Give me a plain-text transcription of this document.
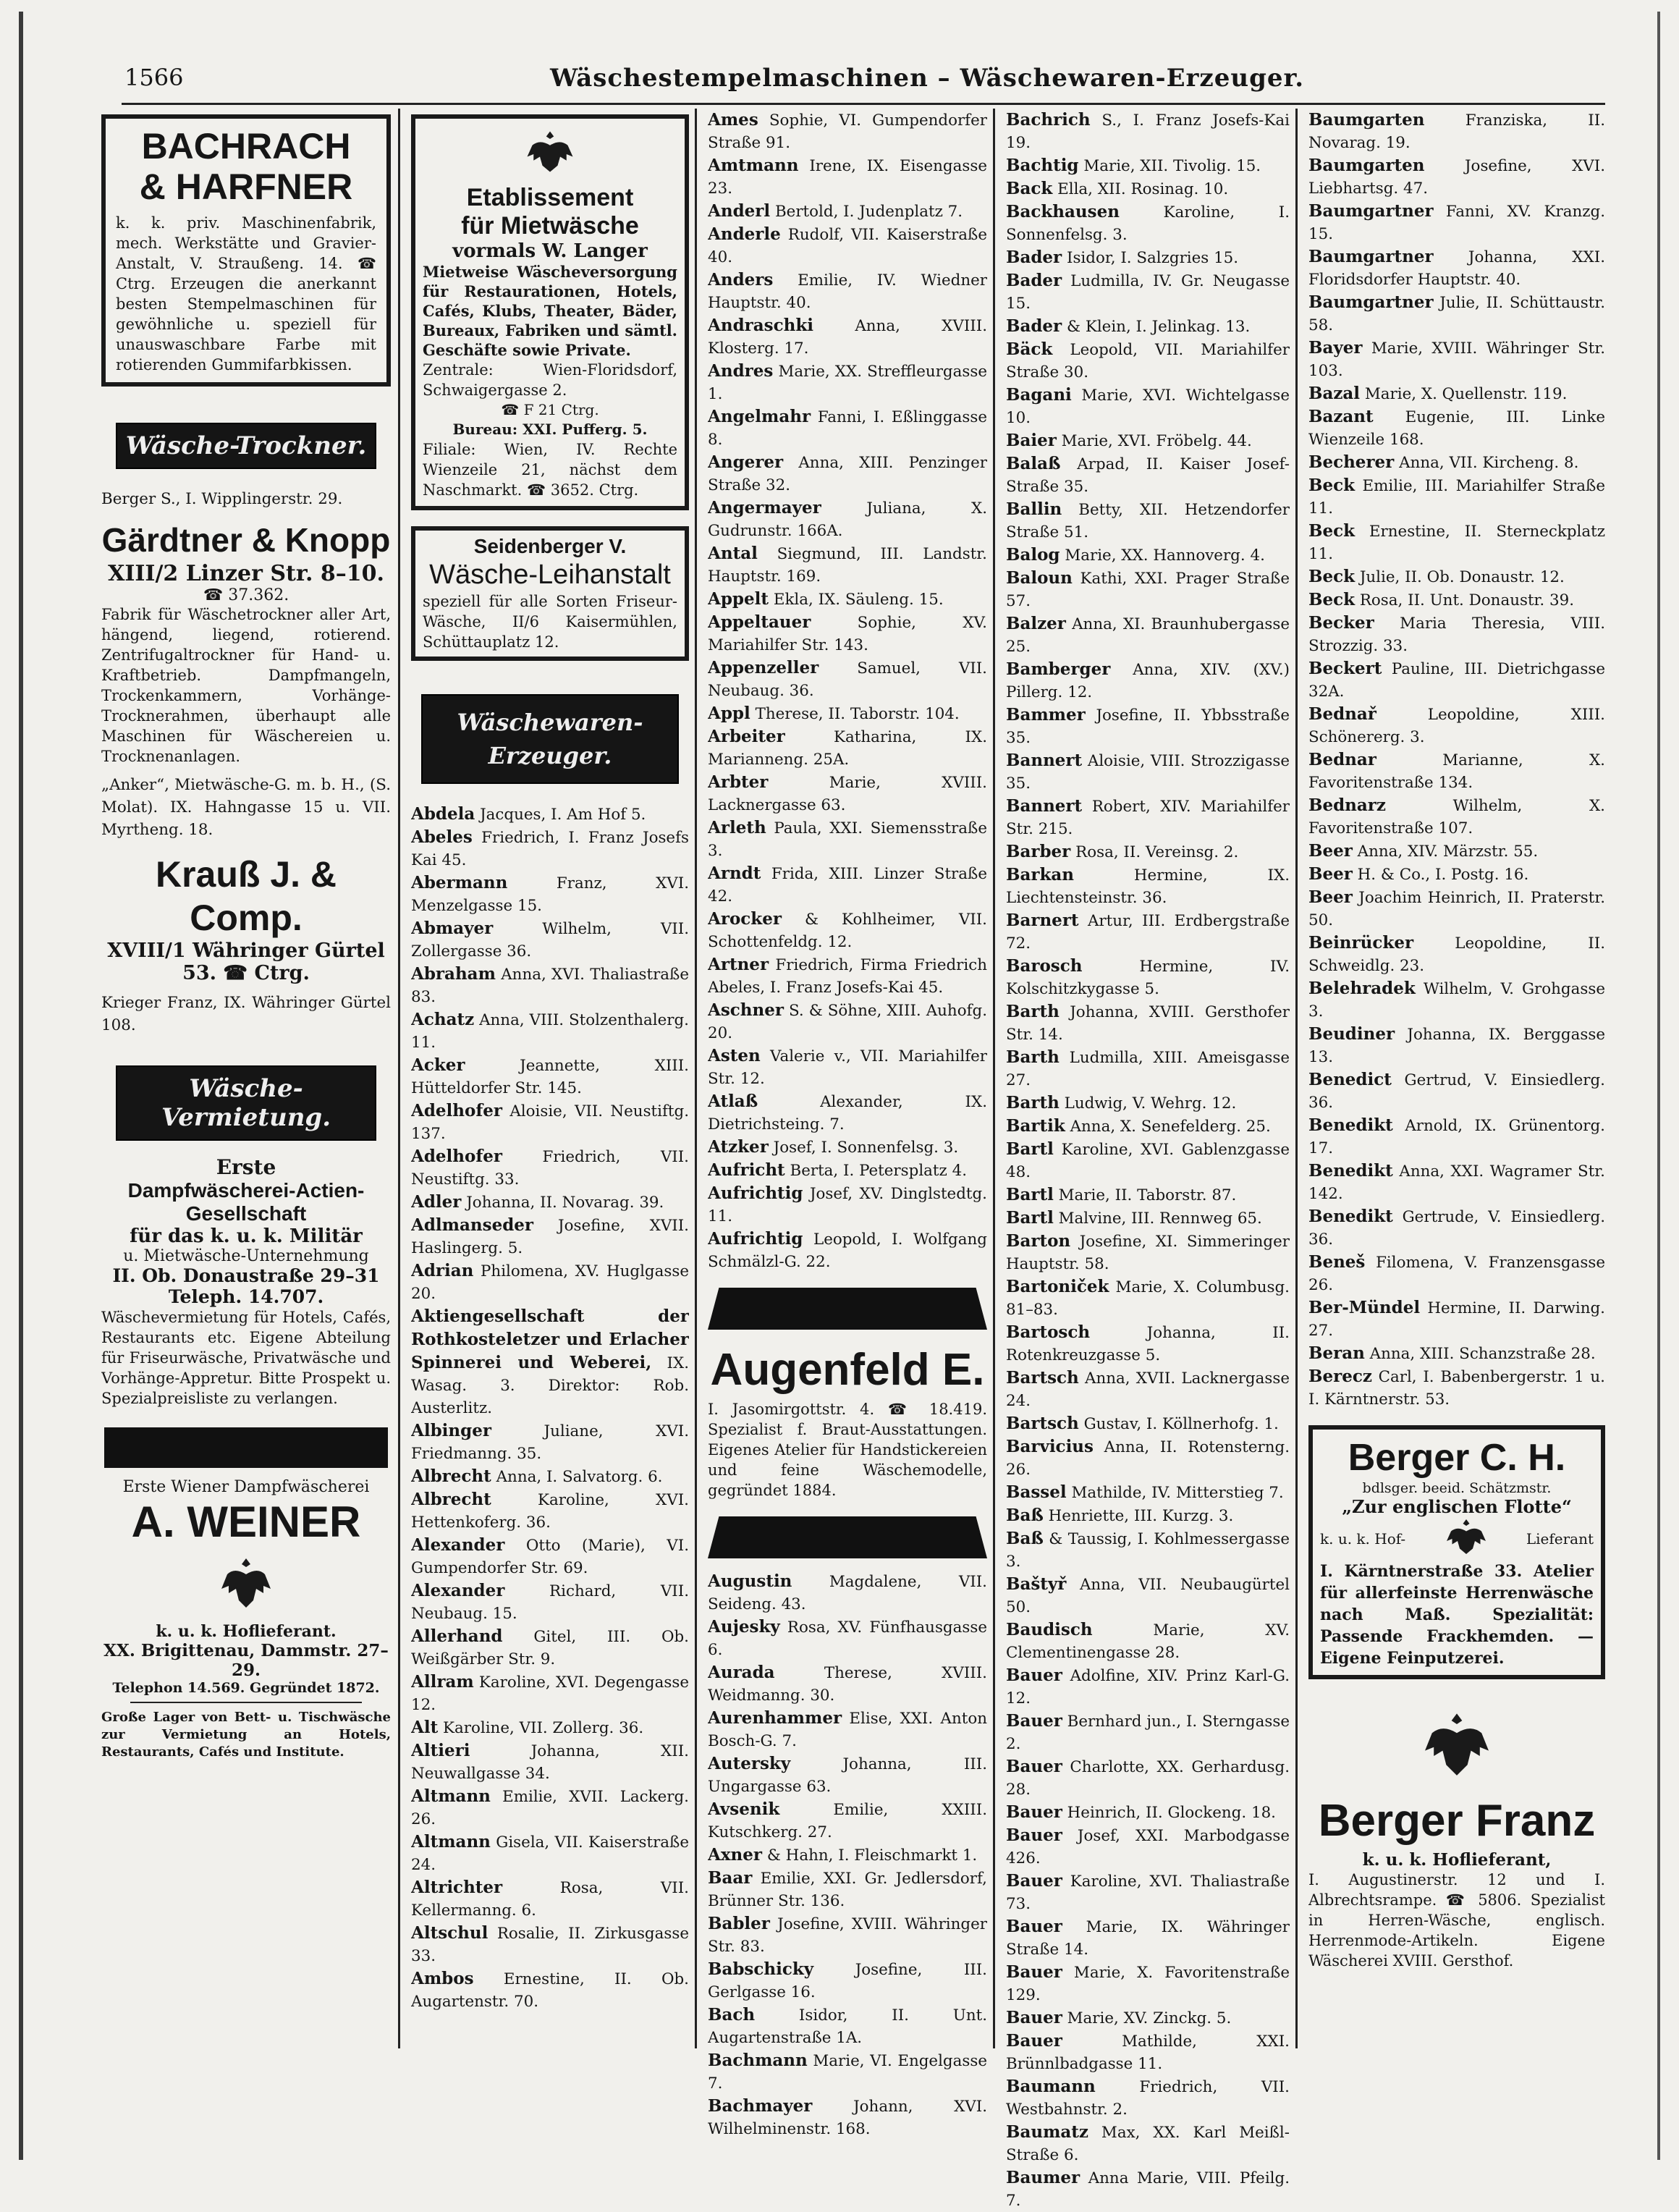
1566	Wäschestempelmaschinen – Wäschewaren-Erzeuger.
BACHRACH
& HARFNER
k. k. priv. Maschinenfabrik, mech. Werkstätte und Gravier-Anstalt, V. Straußeng. 14. ☎ Ctrg. Erzeugen die anerkannt besten Stempelmaschinen für gewöhnliche u. speziell für unauswaschbare Farbe mit rotierenden Gummifarbkissen.
Wäsche-Trockner.
Berger S., I. Wipplingerstr. 29.
Gärdtner & Knopp
XIII/2 Linzer Str. 8–10.
☎ 37.362.
Fabrik für Wäschetrockner aller Art, hängend, liegend, rotierend. Zentrifugaltrockner für Hand- u. Kraftbetrieb. Dampfmangeln, Trockenkammern, Vorhänge-Trocknerahmen, überhaupt alle Maschinen für Wäschereien u. Trocknenanlagen.
„Anker“, Mietwäsche-G. m. b. H., (S. Molat). IX. Hahngasse 15 u. VII. Myrtheng. 18.
Krauß J. & Comp.
XVIII/1 Währinger Gürtel 53. ☎ Ctrg.
Krieger Franz, IX. Währinger Gürtel 108.
Wäsche-Vermietung.
Erste
Dampfwäscherei-Actien-
Gesellschaft
für das k. u. k. Militär
u. Mietwäsche-Unternehmung
II. Ob. Donaustraße 29–31
Teleph. 14.707.
Wäschevermietung für Hotels, Cafés, Restaurants etc. Eigene Abteilung für Friseurwäsche, Privatwäsche und Vorhänge-Appretur. Bitte Prospekt u. Spezialpreisliste zu verlangen.
Erste Wiener Dampfwäscherei
A. WEINER
k. u. k. Hoflieferant.
XX. Brigittenau, Dammstr. 27–29.
Telephon 14.569. Gegründet 1872.
Große Lager von Bett- u. Tischwäsche zur Vermietung an Hotels, Restaurants, Cafés und Institute.
Etablissement
für Mietwäsche
vormals W. Langer
Mietweise Wäscheversorgung für Restaurationen, Hotels, Cafés, Klubs, Theater, Bäder, Bureaux, Fabriken und sämtl. Geschäfte sowie Private.
Zentrale: Wien-Floridsdorf, Schwaigergasse 2.
☎ F 21 Ctrg.
Bureau: XXI. Pufferg. 5.
Filiale: Wien, IV. Rechte Wienzeile 21, nächst dem Naschmarkt. ☎ 3652. Ctrg.
Seidenberger V.
Wäsche-Leihanstalt
speziell für alle Sorten Friseur-Wäsche, II/6 Kaisermühlen, Schüttauplatz 12.
Wäschewaren-
Erzeuger.
Abdela Jacques, I. Am Hof 5.
Abeles Friedrich, I. Franz Josefs Kai 45.
Abermann	Franz, XVI. Menzelgasse 15.
Abmayer	Wilhelm, VII. Zollergasse 36.
Abraham Anna, XVI. Thaliastraße 83.
Achatz Anna, VIII. Stolzenthalerg. 11.
Acker	Jeannette, XIII. Hütteldorfer Str. 145.
Adelhofer Aloisie, VII. Neustiftg. 137.
Adelhofer	Friedrich, VII. Neustiftg. 33.
Adler Johanna, II. Novarag. 39.
Adlmanseder Josefine, XVII. Haslingerg. 5.
Adrian Philomena, XV. Huglgasse 20.
Aktiengesellschaft der Rothkosteletzer und Erlacher Spinnerei und Weberei, IX. Wasag. 3. Direktor: Rob. Austerlitz.
Albinger	Juliane, XVI. Friedmanng. 35.
Albrecht Anna, I. Salvatorg. 6.
Albrecht	Karoline, XVI. Hettenkoferg. 36.
Alexander Otto (Marie), VI. Gumpendorfer Str. 69.
Alexander	Richard, VII. Neubaug. 15.
Allerhand Gitel, III. Ob. Weißgärber Str. 9.
Allram Karoline, XVI. Degengasse 12.
Alt Karoline, VII. Zollerg. 36.
Altieri	Johanna, XII. Neuwallgasse 34.
Altmann Emilie, XVII. Lackerg. 26.
Altmann Gisela, VII. Kaiserstraße 24.
Altrichter	Rosa, VII. Kellermanng. 6.
Altschul Rosalie, II. Zirkusgasse 33.
Ambos Ernestine, II. Ob. Augartenstr. 70.
Ames Sophie, VI. Gumpendorfer Straße 91.
Amtmann Irene, IX. Eisengasse 23.
Anderl Bertold, I. Judenplatz 7.
Anderle Rudolf, VII. Kaiserstraße 40.
Anders Emilie, IV. Wiedner Hauptstr. 40.
Andraschki	Anna, XVIII. Klosterg. 17.
Andres Marie, XX. Streffleurgasse 1.
Angelmahr Fanni, I. Eßlinggasse 8.
Angerer Anna, XIII. Penzinger Straße 32.
Angermayer	Juliana, X. Gudrunstr. 166A.
Antal Siegmund, III. Landstr. Hauptstr. 169.
Appelt Ekla, IX. Säuleng. 15.
Appeltauer	Sophie, XV. Mariahilfer Str. 143.
Appenzeller Samuel, VII. Neubaug. 36.
Appl Therese, II. Taborstr. 104.
Arbeiter	Katharina, IX. Marianneng. 25A.
Arbter	Marie, XVIII. Lacknergasse 63.
Arleth Paula, XXI. Siemensstraße 3.
Arndt Frida, XIII. Linzer Straße 42.
Arocker & Kohlheimer, VII. Schottenfeldg. 12.
Artner Friedrich, Firma Friedrich Abeles, I. Franz Josefs-Kai 45.
Aschner S. & Söhne, XIII. Auhofg. 20.
Asten Valerie v., VII. Mariahilfer Str. 12.
Atlaß	Alexander, IX. Dietrichsteing. 7.
Atzker Josef, I. Sonnenfelsg. 3.
Aufricht Berta, I. Petersplatz 4.
Aufrichtig Josef, XV. Dinglstedtg. 11.
Aufrichtig Leopold, I. Wolfgang Schmälzl-G. 22.
Augenfeld E.
I. Jasomirgottstr. 4. ☎ 18.419. Spezialist f. Braut-Ausstattungen. Eigenes Atelier für Handstickereien und feine Wäschemodelle, gegründet 1884.
Augustin Magdalene, VII. Seideng. 43.
Aujesky Rosa, XV. Fünfhausgasse 6.
Aurada	Therese, XVIII. Weidmanng. 30.
Aurenhammer Elise, XXI. Anton Bosch-G. 7.
Autersky	Johanna, III. Ungargasse 63.
Avsenik	Emilie, XXIII. Kutschkerg. 27.
Axner & Hahn, I. Fleischmarkt 1.
Baar Emilie, XXI. Gr. Jedlersdorf, Brünner Str. 136.
Babler Josefine, XVIII. Währinger Str. 83.
Babschicky	Josefine, III. Gerlgasse 16.
Bach	Isidor, II. Unt. Augartenstraße 1A.
Bachmann Marie, VI. Engelgasse 7.
Bachmayer	Johann, XVI. Wilhelminenstr. 168.
Bachrich S., I. Franz Josefs-Kai 19.
Bachtig Marie, XII. Tivolig. 15.
Back Ella, XII. Rosinag. 10.
Backhausen	Karoline, I. Sonnenfelsg. 3.
Bader Isidor, I. Salzgries 15.
Bader Ludmilla, IV. Gr. Neugasse 15.
Bader & Klein, I. Jelinkag. 13.
Bäck Leopold, VII. Mariahilfer Straße 30.
Bagani Marie, XVI. Wichtelgasse 10.
Baier Marie, XVI. Fröbelg. 44.
Balaß Arpad, II. Kaiser Josef-Straße 35.
Ballin Betty, XII. Hetzendorfer Straße 51.
Balog Marie, XX. Hannoverg. 4.
Baloun Kathi, XXI. Prager Straße 57.
Balzer Anna, XI. Braunhubergasse 25.
Bamberger Anna, XIV. (XV.) Pillerg. 12.
Bammer Josefine, II. Ybbsstraße 35.
Bannert Aloisie, VIII. Strozzigasse 35.
Bannert Robert, XIV. Mariahilfer Str. 215.
Barber Rosa, II. Vereinsg. 2.
Barkan	Hermine, IX. Liechtensteinstr. 36.
Barnert Artur, III. Erdbergstraße 72.
Barosch	Hermine, IV. Kolschitzkygasse 5.
Barth Johanna, XVIII. Gersthofer Str. 14.
Barth Ludmilla, XIII. Ameisgasse 27.
Barth Ludwig, V. Wehrg. 12.
Bartik Anna, X. Senefelderg. 25.
Bartl Karoline, XVI. Gablenzgasse 48.
Bartl Marie, II. Taborstr. 87.
Bartl Malvine, III. Rennweg 65.
Barton Josefine, XI. Simmeringer Hauptstr. 58.
Bartoniček Marie, X. Columbusg. 81–83.
Bartosch	Johanna, II. Rotenkreuzgasse 5.
Bartsch Anna, XVII. Lacknergasse 24.
Bartsch Gustav, I. Köllnerhofg. 1.
Barvicius Anna, II. Rotensterng. 26.
Bassel Mathilde, IV. Mitterstieg 7.
Baß Henriette, III. Kurzg. 3.
Baß & Taussig, I. Kohlmessergasse 3.
Baštyř Anna, VII. Neubaugürtel 50.
Baudisch	Marie, XV. Clementinengasse 28.
Bauer Adolfine, XIV. Prinz Karl-G. 12.
Bauer Bernhard jun., I. Sterngasse 2.
Bauer Charlotte, XX. Gerhardusg. 28.
Bauer Heinrich, II. Glockeng. 18.
Bauer Josef, XXI. Marbodgasse 426.
Bauer Karoline, XVI. Thaliastraße 73.
Bauer Marie, IX. Währinger Straße 14.
Bauer Marie, X. Favoritenstraße 129.
Bauer Marie, XV. Zinckg. 5.
Bauer	Mathilde, XXI. Brünnlbadgasse 11.
Baumann	Friedrich, VII. Westbahnstr. 2.
Baumatz Max, XX. Karl Meißl-Straße 6.
Baumer Anna Marie, VIII. Pfeilg. 7.
Baumgarten	Franziska, II. Novarag. 19.
Baumgarten	Josefine, XVI. Liebhartsg. 47.
Baumgartner Fanni, XV. Kranzg. 15.
Baumgartner Johanna, XXI. Floridsdorfer Hauptstr. 40.
Baumgartner Julie, II. Schüttaustr. 58.
Bayer Marie, XVIII. Währinger Str. 103.
Bazal Marie, X. Quellenstr. 119.
Bazant Eugenie, III. Linke Wienzeile 168.
Becherer Anna, VII. Kircheng. 8.
Beck Emilie, III. Mariahilfer Straße 11.
Beck Ernestine, II. Sterneckplatz 11.
Beck Julie, II. Ob. Donaustr. 12.
Beck Rosa, II. Unt. Donaustr. 39.
Becker Maria Theresia, VIII. Strozzig. 33.
Beckert Pauline, III. Dietrichgasse 32A.
Bednař	Leopoldine, XIII. Schönererg. 3.
Bednar	Marianne, X. Favoritenstraße 134.
Bednarz	Wilhelm, X. Favoritenstraße 107.
Beer Anna, XIV. Märzstr. 55.
Beer H. & Co., I. Postg. 16.
Beer Joachim Heinrich, II. Praterstr. 50.
Beinrücker	Leopoldine, II. Schweidlg. 23.
Belehradek Wilhelm, V. Grohgasse 3.
Beudiner Johanna, IX. Berggasse 13.
Benedict Gertrud, V. Einsiedlerg. 36.
Benedikt Arnold, IX. Grünentorg. 17.
Benedikt Anna, XXI. Wagramer Str. 142.
Benedikt Gertrude, V. Einsiedlerg. 36.
Beneš Filomena, V. Franzensgasse 26.
Ber-Mündel Hermine, II. Darwing. 27.
Beran Anna, XIII. Schanzstraße 28.
Berecz Carl, I. Babenbergerstr. 1 u. I. Kärntnerstr. 53.
Berger C. H.
bdlsger. beeid. Schätzmstr.
„Zur englischen Flotte“
k. u. k. Hof-	Lieferant
I. Kärntnerstraße 33. Atelier für allerfeinste Herrenwäsche nach Maß. Spezialität: Passende Frackhemden. — Eigene Feinputzerei.
Berger Franz
k. u. k. Hoflieferant,
I. Augustinerstr. 12 und I. Albrechtsrampe. ☎ 5806. Spezialist in Herren-Wäsche, englisch. Herrenmode-Artikeln. Eigene Wäscherei XVIII. Gersthof.
